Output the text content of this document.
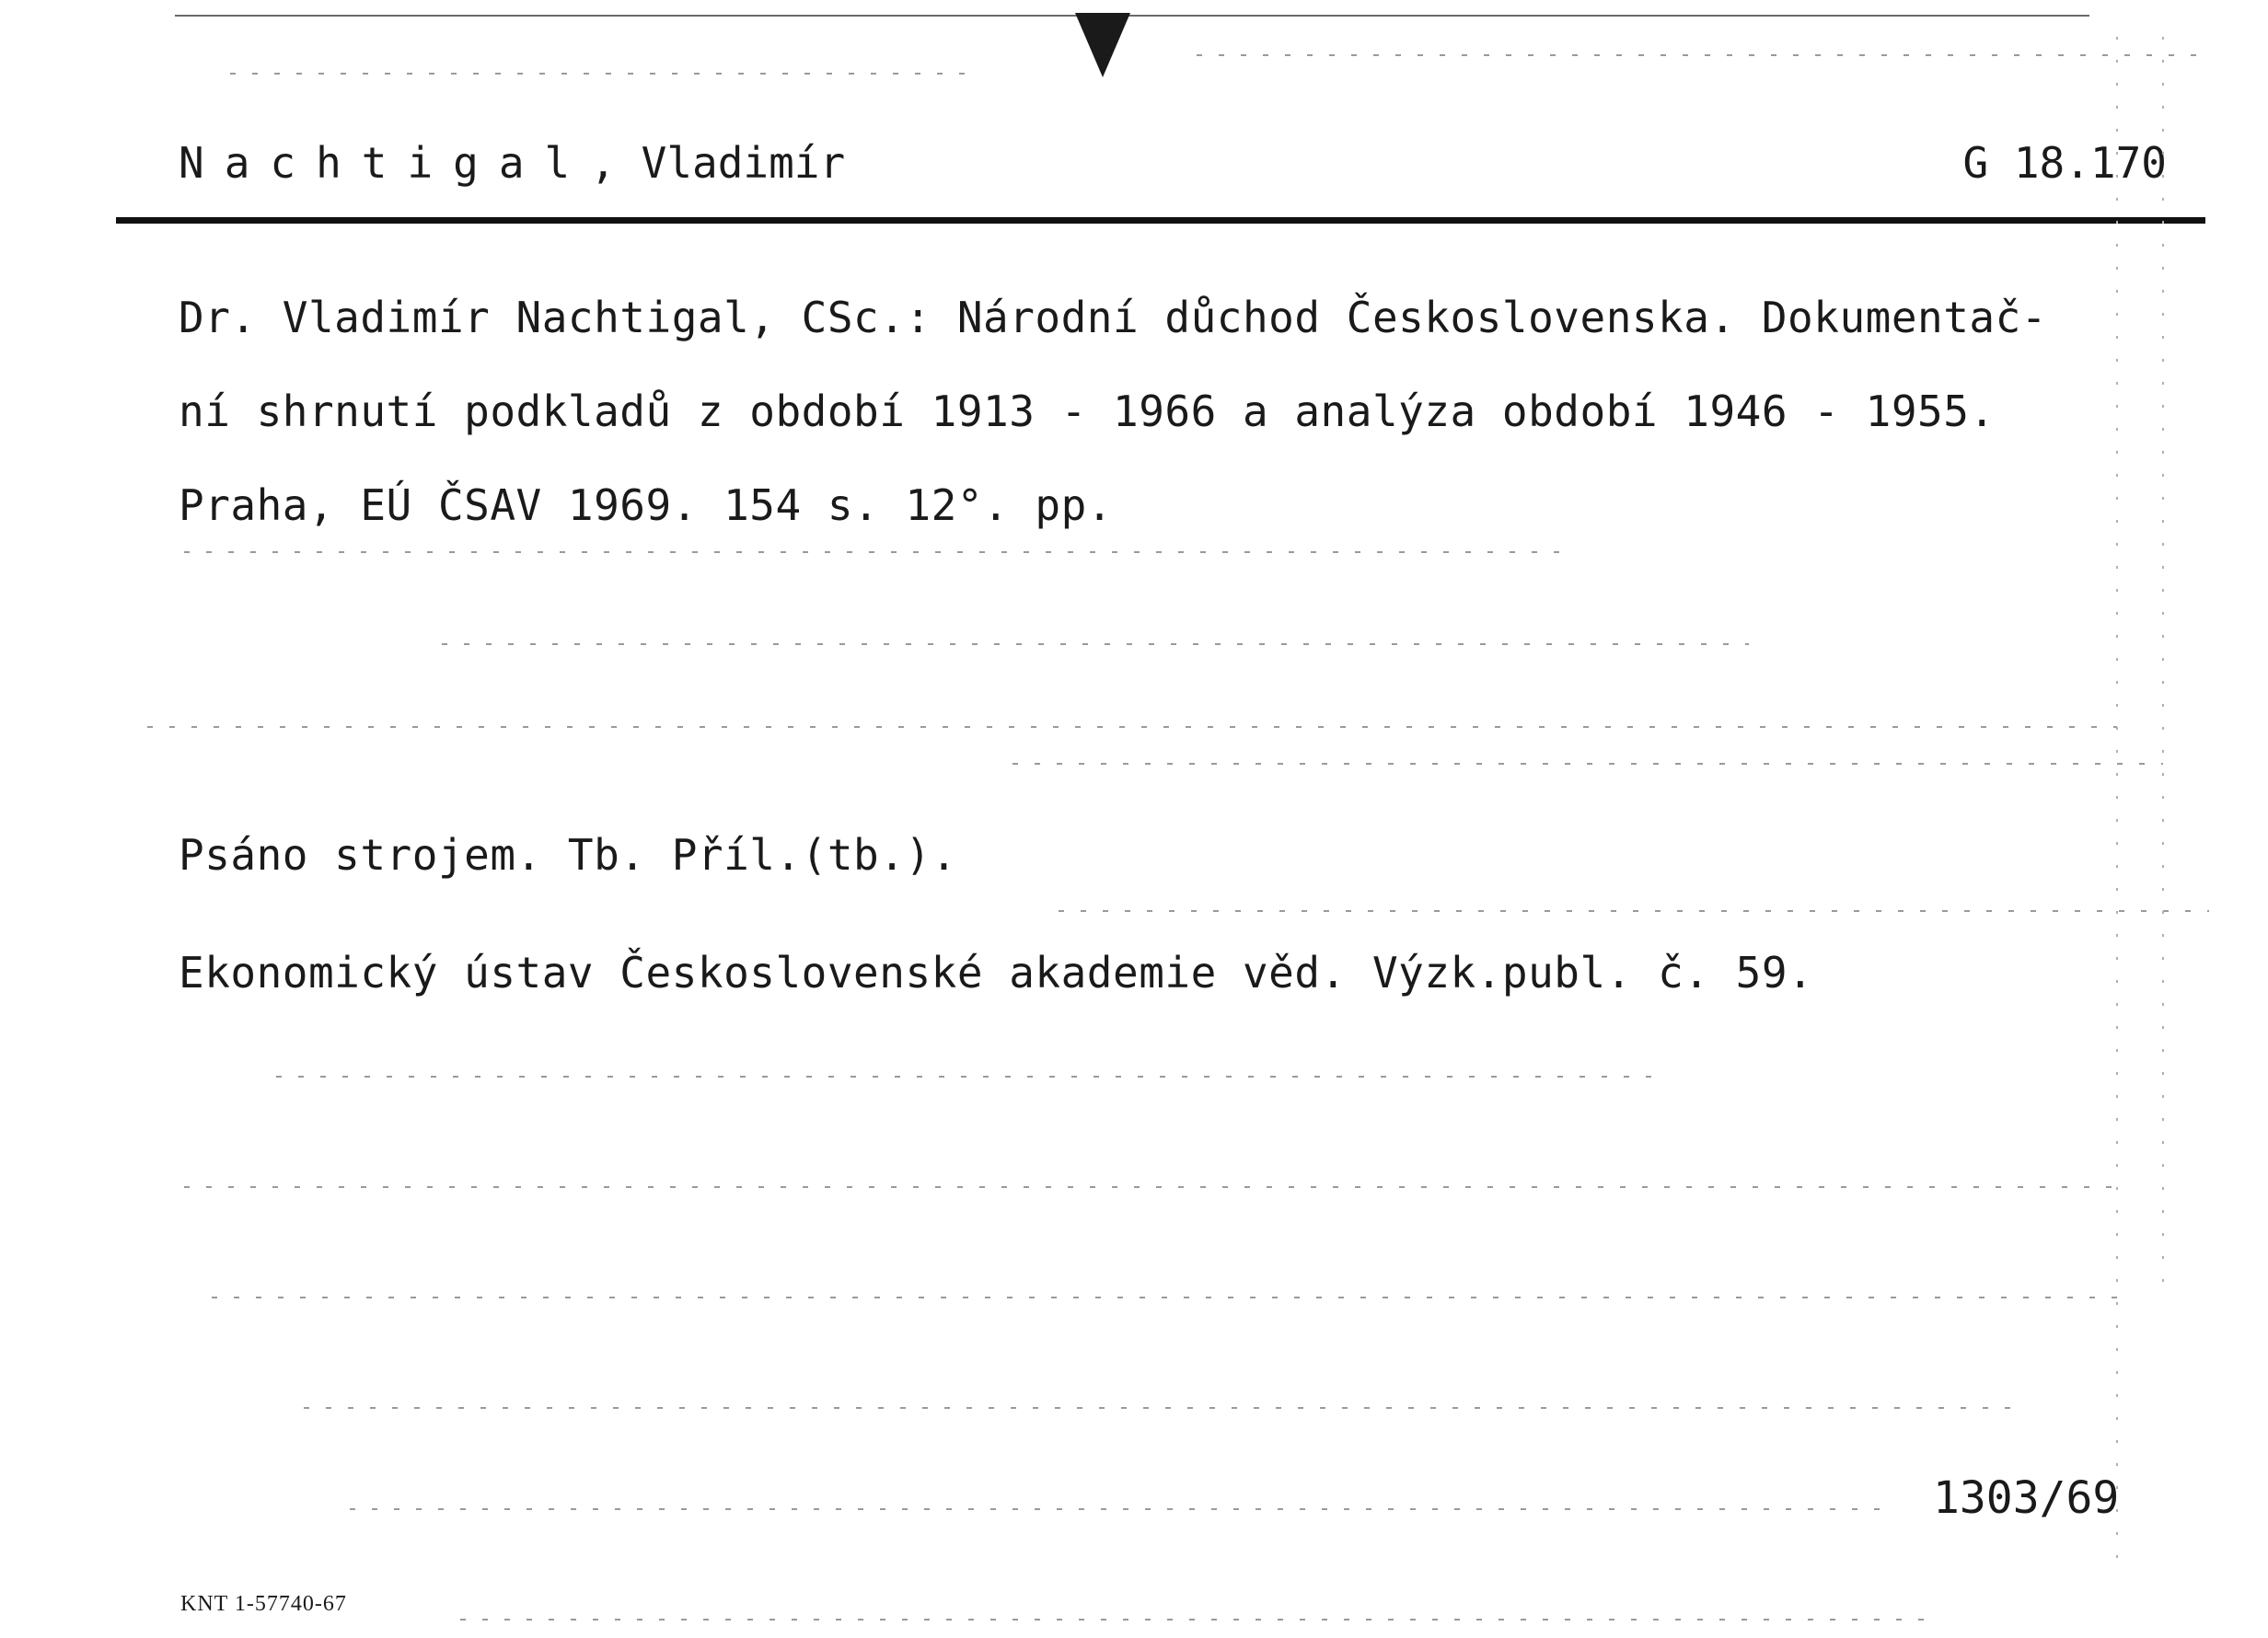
Nachtigal, Vladimír	G 18.170
Dr. Vladimír Nachtigal, CSc.: Národní důchod Československa. Dokumentač-
ní shrnutí podkladů z období 1913 - 1966 a analýza období 1946 - 1955.
Praha, EÚ ČSAV 1969. 154 s. 12°. pp.
Psáno strojem. Tb. Příl.(tb.).
Ekonomický ústav Československé akademie věd. Výzk.publ. č. 59.
1303/69
KNT 1-57740-67
